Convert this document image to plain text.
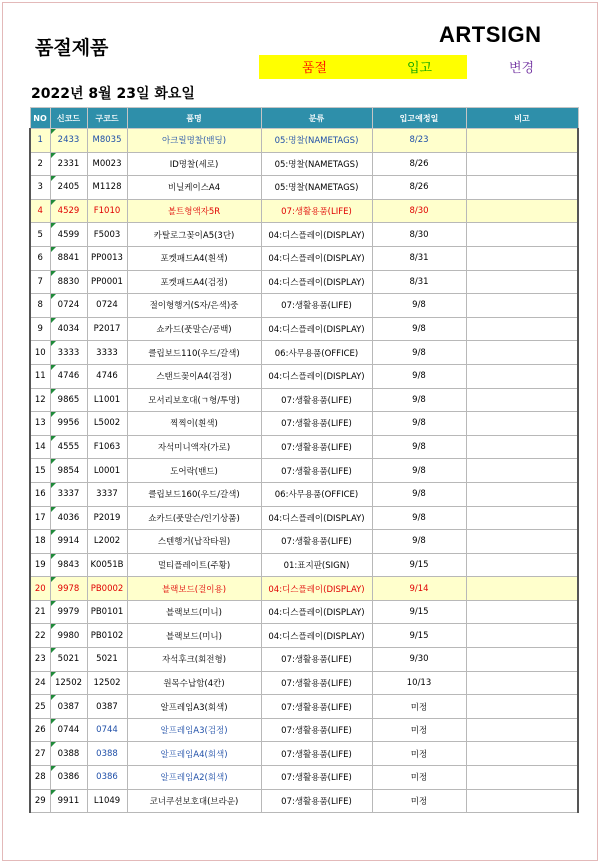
품절제품
ARTSIGN
품절	입고	변경
2022년 8월 23일 화요일
NO	신코드	구코드	품명	분류	입고예정일	비고
1	2433	M8035	아크릴명찰(밴딩)	05:명찰(NAMETAGS)	8/23	
2	2331	M0023	ID명찰(세로)	05:명찰(NAMETAGS)	8/26	
3	2405	M1128	비닐케이스A4	05:명찰(NAMETAGS)	8/26	
4	4529	F1010	볼트형액자5R	07:생활용품(LIFE)	8/30	
5	4599	F5003	카탈로그꽂이A5(3단)	04:디스플레이(DISPLAY)	8/30	
6	8841	PP0013	포켓패드A4(흰색)	04:디스플레이(DISPLAY)	8/31	
7	8830	PP0001	포켓패드A4(검정)	04:디스플레이(DISPLAY)	8/31	
8	0724	0724	절이형행거(S자/은색)중	07:생활용품(LIFE)	9/8	
9	4034	P2017	쇼카드(풋말슨/공백)	04:디스플레이(DISPLAY)	9/8	
10	3333	3333	클립보드110(우드/갈색)	06:사무용품(OFFICE)	9/8	
11	4746	4746	스탠드꽂이A4(검정)	04:디스플레이(DISPLAY)	9/8	
12	9865	L1001	모서리보호대(ㄱ형/투명)	07:생활용품(LIFE)	9/8	
13	9956	L5002	찍찍이(흰색)	07:생활용품(LIFE)	9/8	
14	4555	F1063	자석미니액자(가로)	07:생활용품(LIFE)	9/8	
15	9854	L0001	도어락(밴드)	07:생활용품(LIFE)	9/8	
16	3337	3337	클립보드160(우드/갈색)	06:사무용품(OFFICE)	9/8	
17	4036	P2019	쇼카드(풋말슨/인기상품)	04:디스플레이(DISPLAY)	9/8	
18	9914	L2002	스텐행거(납작타원)	07:생활용품(LIFE)	9/8	
19	9843	K0051B	멀티플레이트(주황)	01:표지판(SIGN)	9/15	
20	9978	PB0002	블랙보드(걸이용)	04:디스플레이(DISPLAY)	9/14	
21	9979	PB0101	블랙보드(미니)	04:디스플레이(DISPLAY)	9/15	
22	9980	PB0102	블랙보드(미니)	04:디스플레이(DISPLAY)	9/15	
23	5021	5021	자석후크(회전형)	07:생활용품(LIFE)	9/30	
24	12502	12502	원목수납함(4칸)	07:생활용품(LIFE)	10/13	
25	0387	0387	알프레임A3(회색)	07:생활용품(LIFE)	미정	
26	0744	0744	알프레임A3(검정)	07:생활용품(LIFE)	미정	
27	0388	0388	알프레임A4(회색)	07:생활용품(LIFE)	미정	
28	0386	0386	알프레임A2(회색)	07:생활용품(LIFE)	미정	
29	9911	L1049	코너쿠션보호대(브라운)	07:생활용품(LIFE)	미정	
